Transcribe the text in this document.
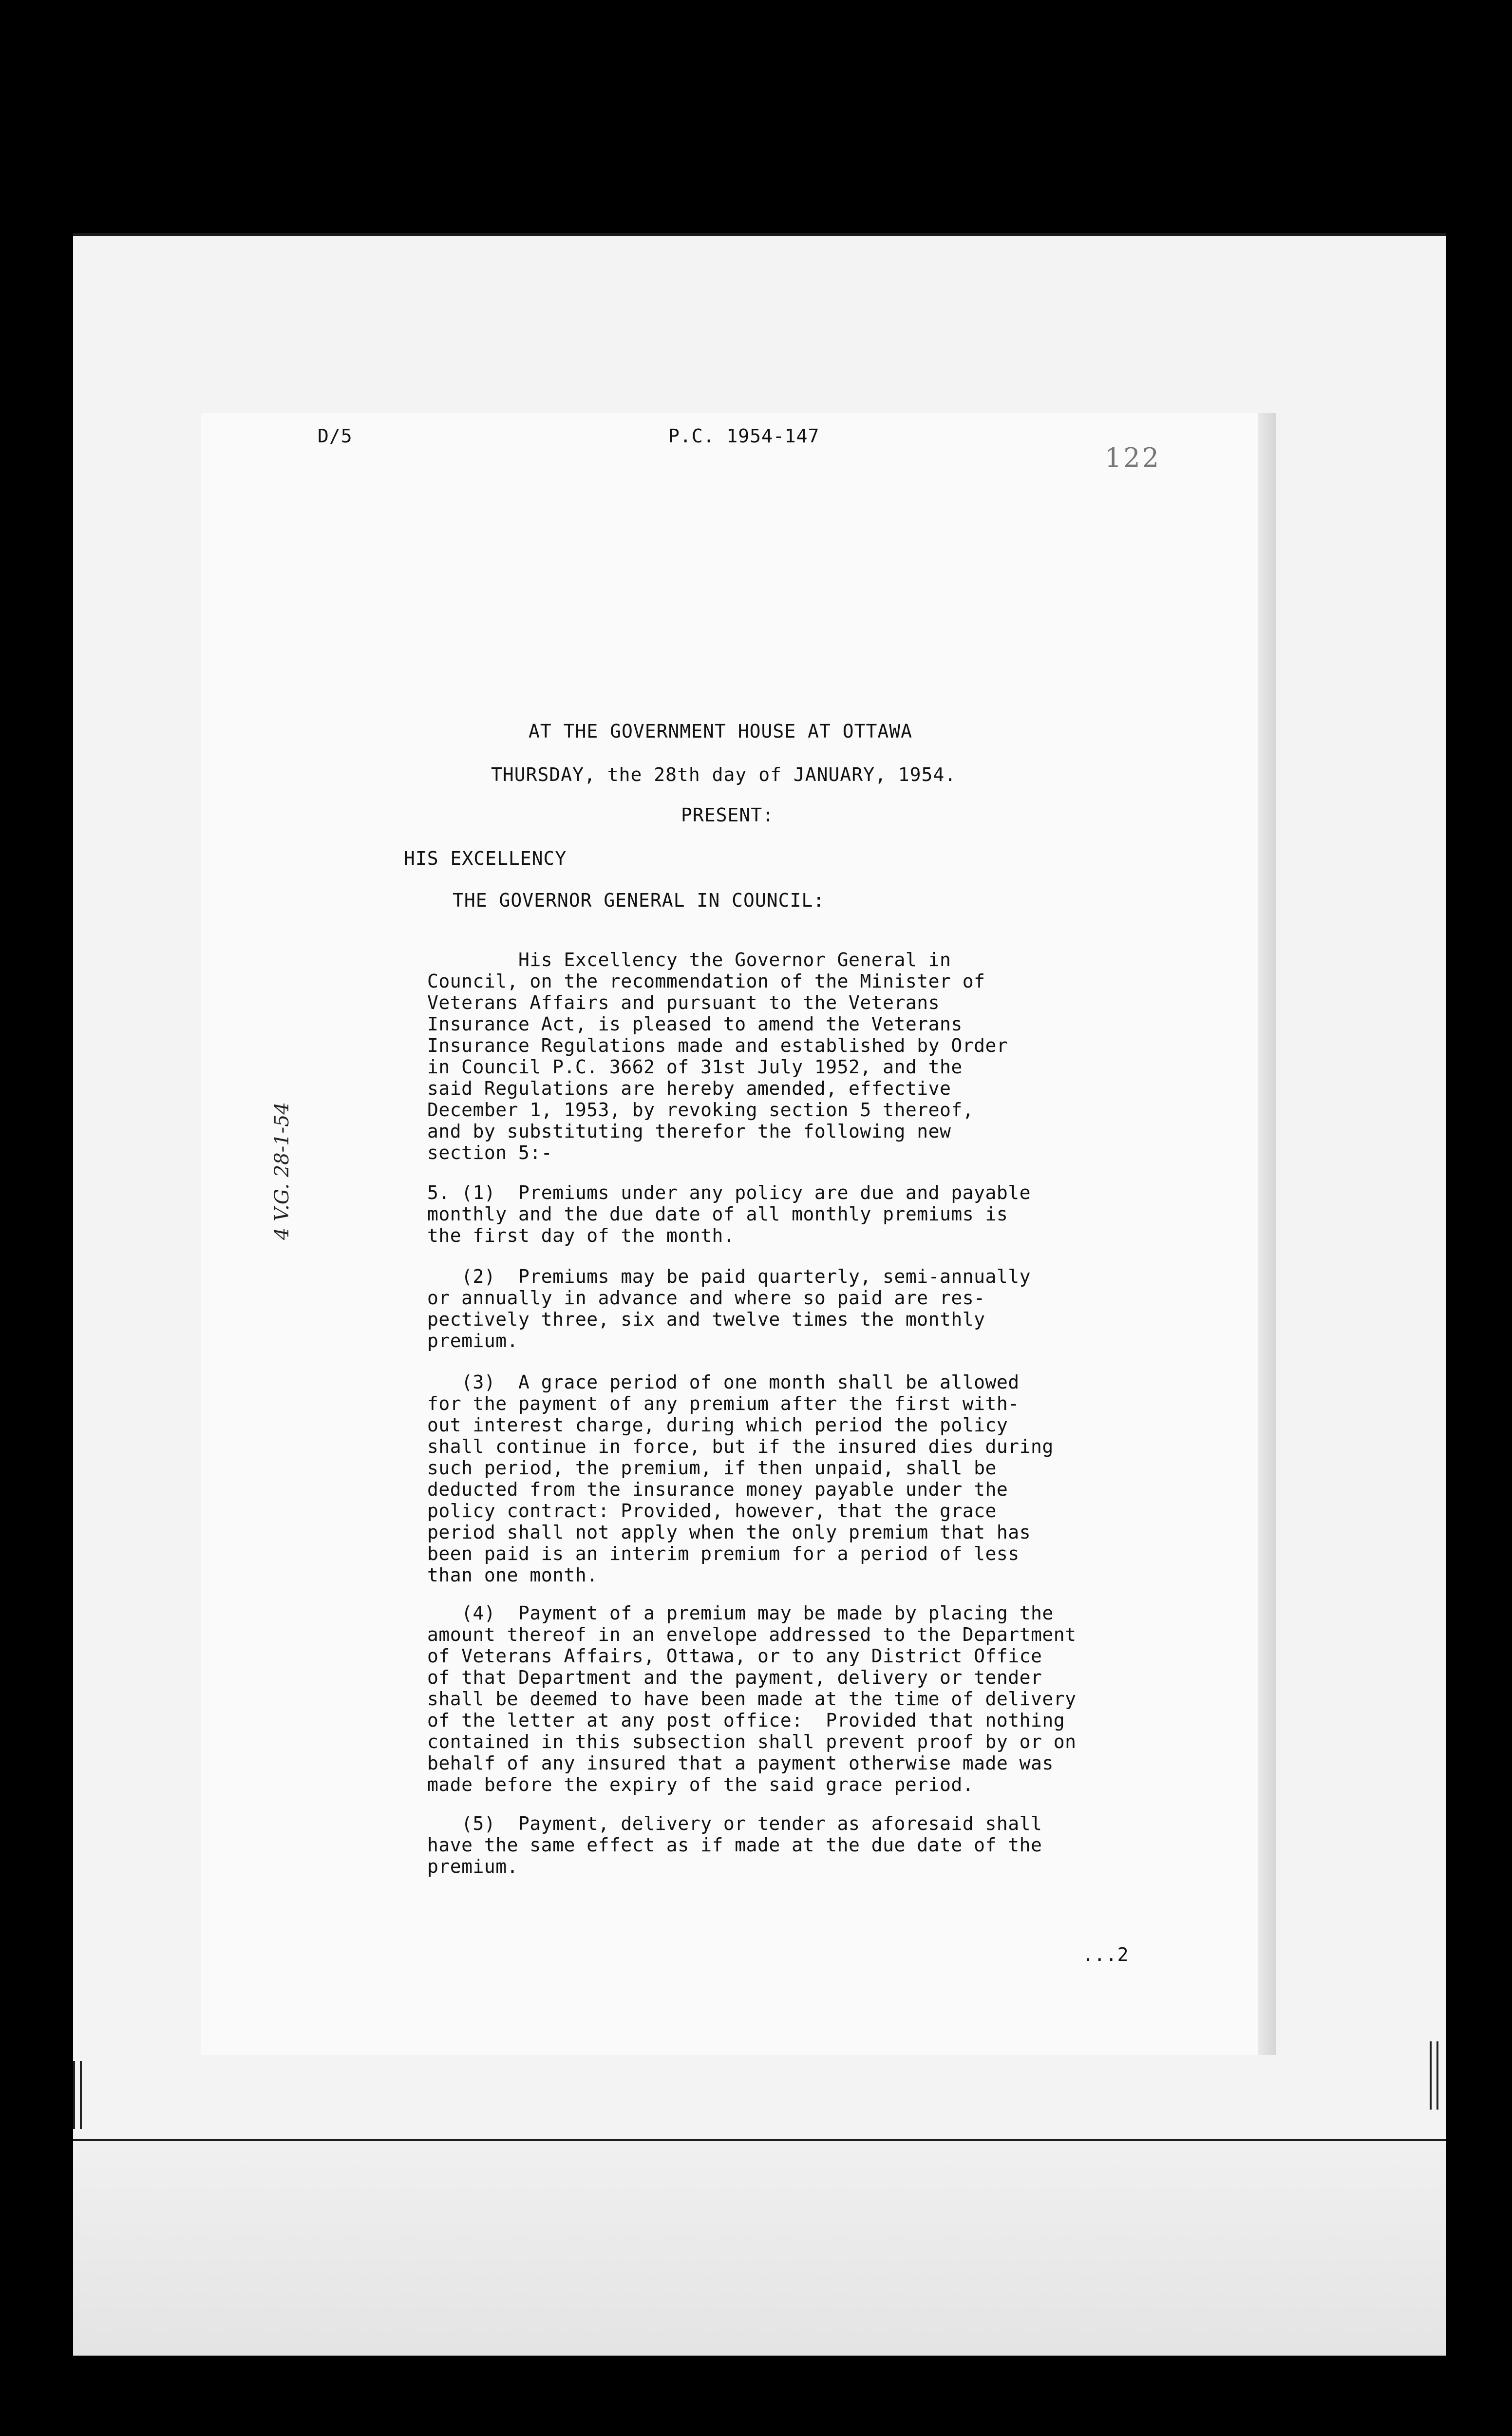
D/5	P.C. 1954-147

122

AT THE GOVERNMENT HOUSE AT OTTAWA

THURSDAY, the 28th day of JANUARY, 1954.

PRESENT:

HIS EXCELLENCY

THE GOVERNOR GENERAL IN COUNCIL:

4 V.G. 28-1-54

His Excellency the Governor General in
Council, on the recommendation of the Minister of
Veterans Affairs and pursuant to the Veterans
Insurance Act, is pleased to amend the Veterans
Insurance Regulations made and established by Order
in Council P.C. 3662 of 31st July 1952, and the
said Regulations are hereby amended, effective
December 1, 1953, by revoking section 5 thereof,
and by substituting therefor the following new
section 5:-

5. (1)  Premiums under any policy are due and payable
monthly and the due date of all monthly premiums is
the first day of the month.

(2)  Premiums may be paid quarterly, semi-annually
or annually in advance and where so paid are res-
pectively three, six and twelve times the monthly
premium.

(3)  A grace period of one month shall be allowed
for the payment of any premium after the first with-
out interest charge, during which period the policy
shall continue in force, but if the insured dies during
such period, the premium, if then unpaid, shall be
deducted from the insurance money payable under the
policy contract: Provided, however, that the grace
period shall not apply when the only premium that has
been paid is an interim premium for a period of less
than one month.

(4)  Payment of a premium may be made by placing the
amount thereof in an envelope addressed to the Department
of Veterans Affairs, Ottawa, or to any District Office
of that Department and the payment, delivery or tender
shall be deemed to have been made at the time of delivery
of the letter at any post office:  Provided that nothing
contained in this subsection shall prevent proof by or on
behalf of any insured that a payment otherwise made was
made before the expiry of the said grace period.

(5)  Payment, delivery or tender as aforesaid shall
have the same effect as if made at the due date of the
premium.

...2
